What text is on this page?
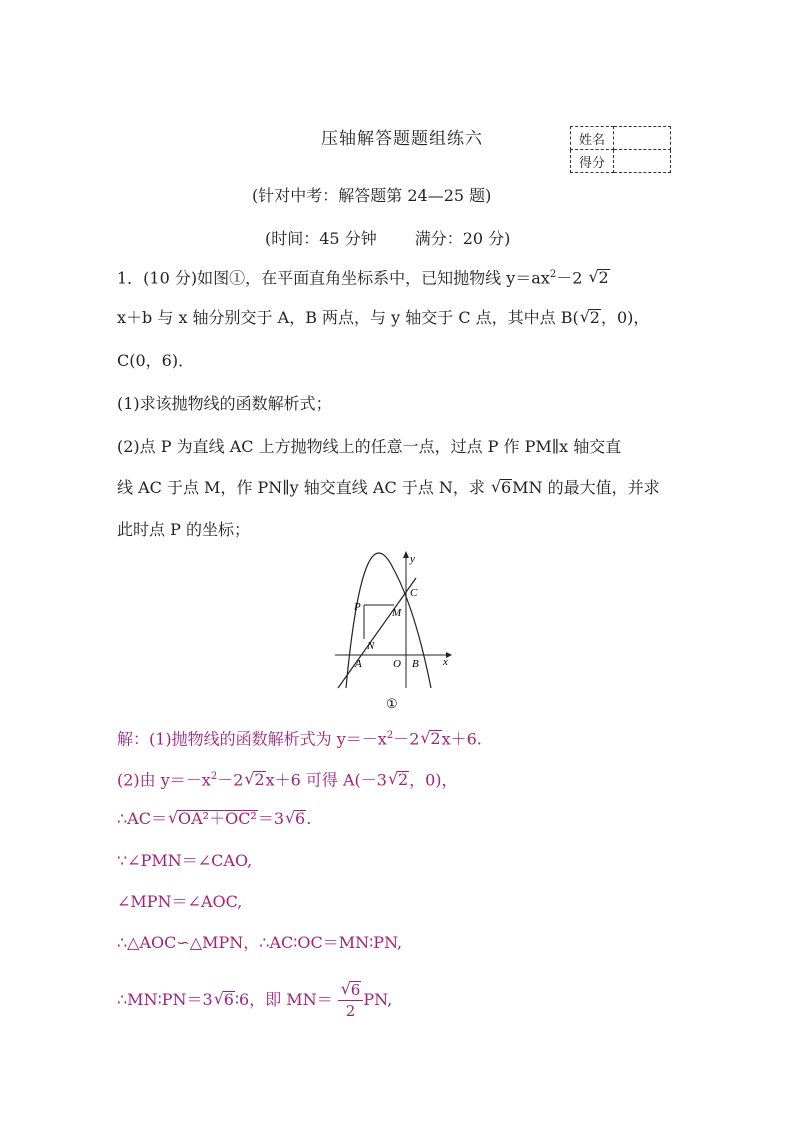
压轴解答题题组练六	姓名	
得分	
(针对中考：解答题第 24—25 题)
(时间：45 分钟 满分：20 分)
1．(10 分)如图①，在平面直角坐标系中，已知抛物线 $y=ax^2-2$ √ 2
x＋b 与 x 轴分别交于 A，B 两点，与 y 轴交于 C 点，其中点 B(√ 2，0)，
C(0，6)．
(1)求该抛物线的函数解析式；
(2)点 P 为直线 AC 上方抛物线上的任意一点，过点 P 作 PM∥x 轴交直
线 AC 于点 M，作 PN∥y 轴交直线 AC 于点 N，求 √ 6MN 的最大值，并求
此时点 P 的坐标；
y
x
C
P	M
N
A	O B
①
解：(1)抛物线的函数解析式为 $y=-x^2-2√$ 2x＋6.
(2)由 $y=-x^2-2√$ 2x＋6 可得 A(－3√ 2，0)，
∴AC＝√ OA²＋OC²＝3√ 6.
∵∠PMN＝∠CAO,
∠MPN＝∠AOC,
∴△AOC∽△MPN，∴AC∶OC＝MN∶PN,
∴MN∶PN＝3√ 6∶6，即 MN＝
√ $\frac{6}{2}$ PN,
